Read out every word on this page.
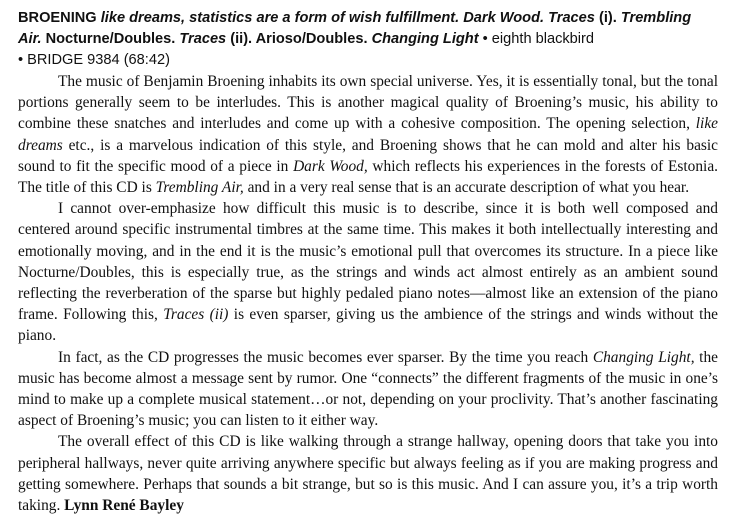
BROENING like dreams, statistics are a form of wish fulfillment. Dark Wood. Traces (i). Trembling Air. Nocturne/Doubles. Traces (ii). Arioso/Doubles. Changing Light • eighth blackbird
• BRIDGE 9384 (68:42)

The music of Benjamin Broening inhabits its own special universe. Yes, it is essentially tonal, but the tonal portions generally seem to be interludes. This is another magical quality of Broening’s music, his ability to combine these snatches and interludes and come up with a cohesive composition. The opening selection, like dreams etc., is a marvelous indication of this style, and Broening shows that he can mold and alter his basic sound to fit the specific mood of a piece in Dark Wood, which reflects his experiences in the forests of Estonia. The title of this CD is Trembling Air, and in a very real sense that is an accurate description of what you hear.

I cannot over-emphasize how difficult this music is to describe, since it is both well composed and centered around specific instrumental timbres at the same time. This makes it both intellectually interesting and emotionally moving, and in the end it is the music’s emotional pull that overcomes its structure. In a piece like Nocturne/Doubles, this is especially true, as the strings and winds act almost entirely as an ambient sound reflecting the reverberation of the sparse but highly pedaled piano notes—almost like an extension of the piano frame. Following this, Traces (ii) is even sparser, giving us the ambience of the strings and winds without the piano.

In fact, as the CD progresses the music becomes ever sparser. By the time you reach Changing Light, the music has become almost a message sent by rumor. One “connects” the different fragments of the music in one’s mind to make up a complete musical statement…or not, depending on your proclivity. That’s another fascinating aspect of Broening’s music; you can listen to it either way.

The overall effect of this CD is like walking through a strange hallway, opening doors that take you into peripheral hallways, never quite arriving anywhere specific but always feeling as if you are making progress and getting somewhere. Perhaps that sounds a bit strange, but so is this music. And I can assure you, it’s a trip worth taking. Lynn René Bayley
